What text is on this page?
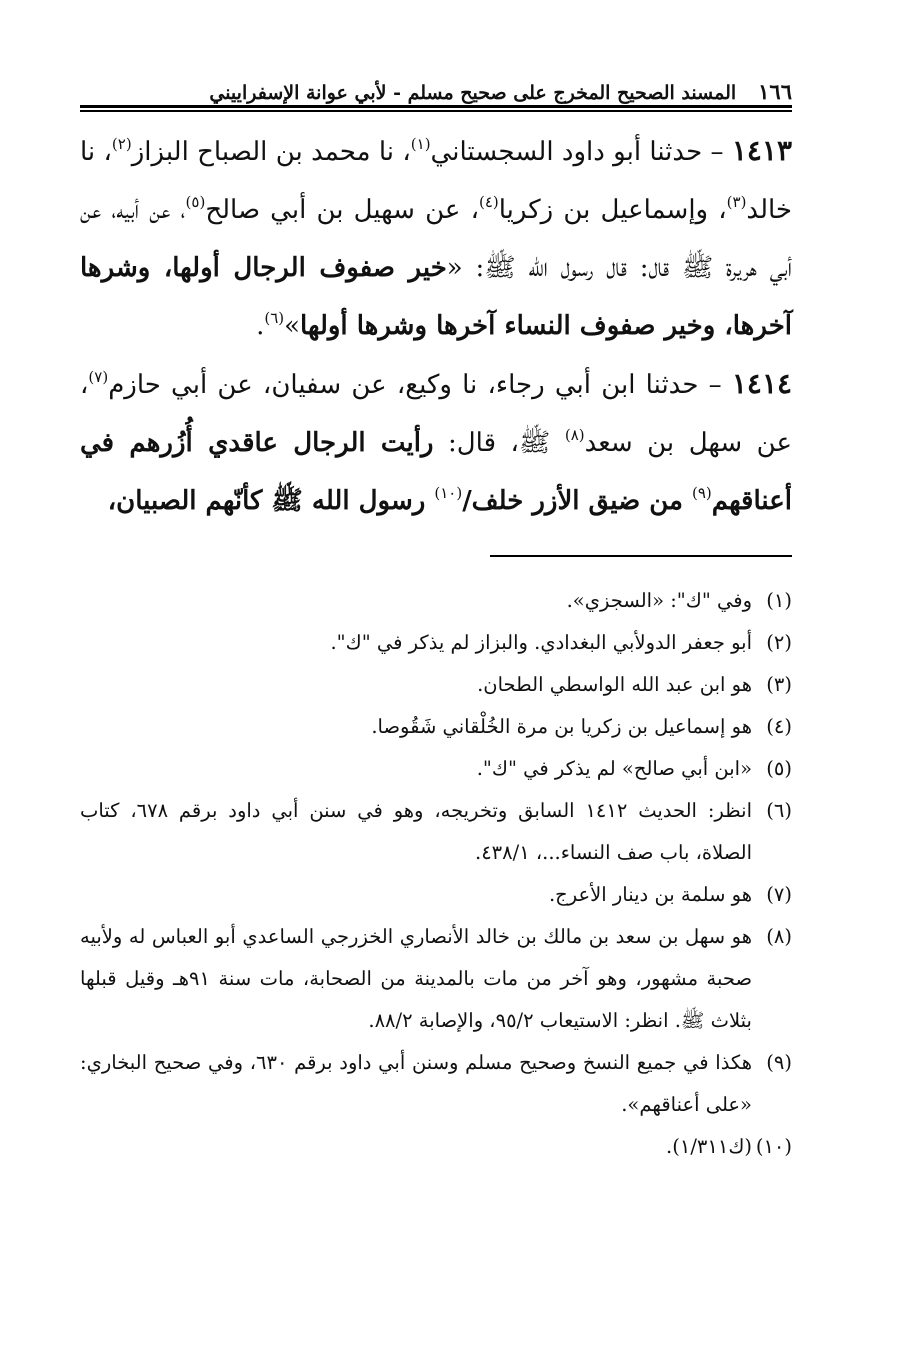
١٦٦
المسند الصحيح المخرج على صحيح مسلم - لأبي عوانة الإسفراييني

١٤١٣ – حدثنا أبو داود السجستاني$^{(١)}$، نا محمد بن الصباح البزاز$^{(٢)}$، نا خالد$^{(٣)}$، وإسماعيل بن زكريا$^{(٤)}$، عن سهيل بن أبي صالح$^{(٥)}$، عن أبيه، عن أبي هريرة ﷺ قال: قال رسول الله ﷺ: «خير صفوف الرجال أولها، وشرها آخرها، وخير صفوف النساء آخرها وشرها أولها»$^{(٦)}$.

١٤١٤ – حدثنا ابن أبي رجاء، نا وكيع، عن سفيان، عن أبي حازم$^{(٧)}$، عن سهل بن سعد$^{(٨)}$ ﷺ، قال: رأيت الرجال عاقدي أُزُرهم في أعناقهم$^{(٩)}$ من ضيق الأزر خلف/$^{(١٠)}$ رسول الله ﷺ كأنّهم الصبيان،

(١)
وفي "ك": «السجزي».
(٢)
أبو جعفر الدولأبي البغدادي. والبزاز لم يذكر في "ك".
(٣)
هو ابن عبد الله الواسطي الطحان.
(٤)
هو إسماعيل بن زكريا بن مرة الخُلْقاني شَقُوصا.
(٥)
«ابن أبي صالح» لم يذكر في "ك".
(٦)
انظر: الحديث ١٤١٢ السابق وتخريجه، وهو في سنن أبي داود برقم ٦٧٨، كتاب الصلاة، باب صف النساء...، ٤٣٨/١.
(٧)
هو سلمة بن دينار الأعرج.
(٨)
هو سهل بن سعد بن مالك بن خالد الأنصاري الخزرجي الساعدي أبو العباس له ولأبيه صحبة مشهور، وهو آخر من مات بالمدينة من الصحابة، مات سنة ٩١هـ وقيل قبلها بثلاث ﷺ. انظر: الاستيعاب ٩٥/٢، والإصابة ٨٨/٢.
(٩)
هكذا في جميع النسخ وصحيح مسلم وسنن أبي داود برقم ٦٣٠، وفي صحيح البخاري: «على أعناقهم».
(١٠)
(ك١/٣١١).
